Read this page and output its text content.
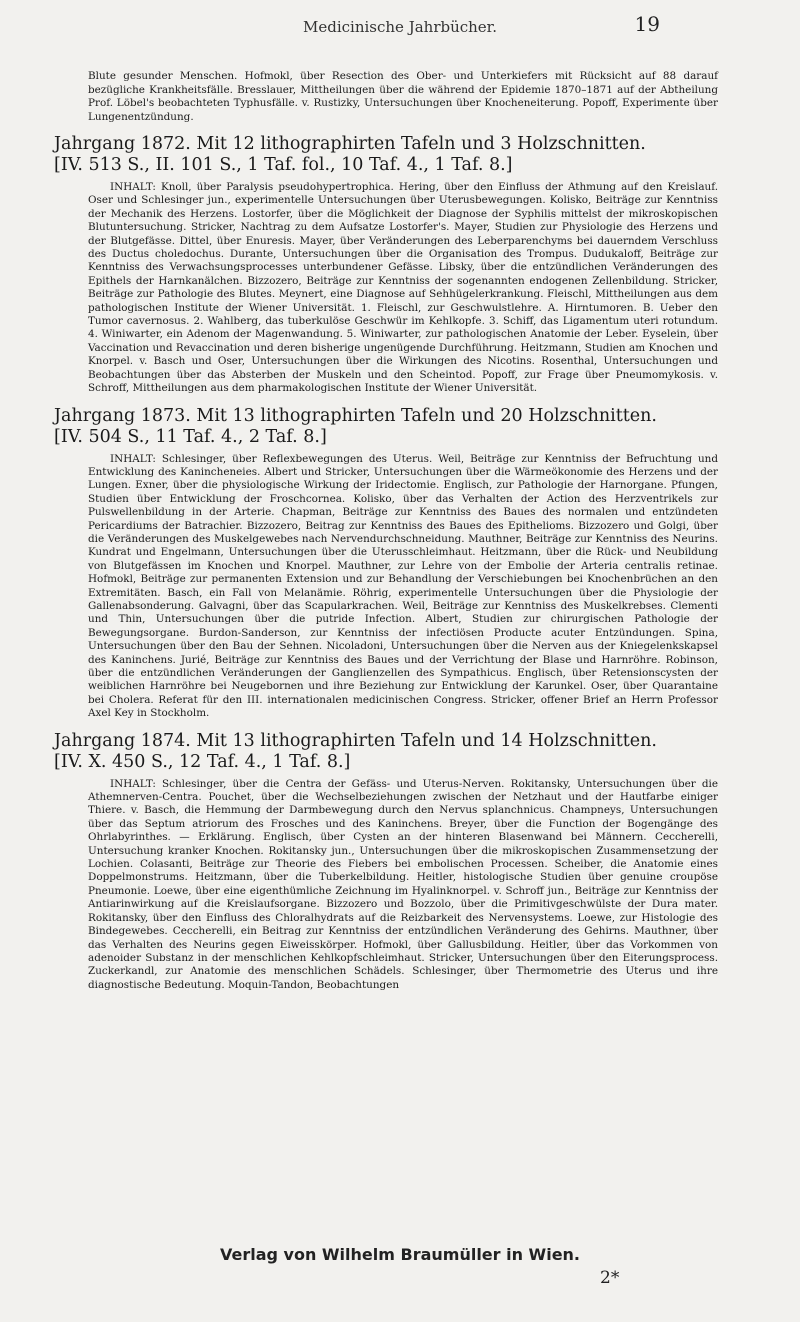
Medicinische Jahrbücher.	19

Blute gesunder Menschen. Hofmokl, über Resection des Ober- und Unterkiefers mit Rücksicht auf 88 darauf bezügliche Krankheitsfälle. Bresslauer, Mittheilungen über die während der Epidemie 1870–1871 auf der Abtheilung Prof. Löbel's beobachteten Typhusfälle. v. Rustizky, Untersuchungen über Knocheneiterung. Popoff, Experimente über Lungenentzündung.

Jahrgang 1872. Mit 12 lithographirten Tafeln und 3 Holzschnitten.
[IV. 513 S., II. 101 S., 1 Taf. fol., 10 Taf. 4., 1 Taf. 8.]

INHALT: Knoll, über Paralysis pseudohypertrophica. Hering, über den Einfluss der Athmung auf den Kreislauf. Oser und Schlesinger jun., experimentelle Untersuchungen über Uterusbewegungen. Kolisko, Beiträge zur Kenntniss der Mechanik des Herzens. Lostorfer, über die Möglichkeit der Diagnose der Syphilis mittelst der mikroskopischen Blutuntersuchung. Stricker, Nachtrag zu dem Aufsatze Lostorfer's. Mayer, Studien zur Physiologie des Herzens und der Blutgefässe. Dittel, über Enuresis. Mayer, über Veränderungen des Leberparenchyms bei dauerndem Verschluss des Ductus choledochus. Durante, Untersuchungen über die Organisation des Trompus. Dudukaloff, Beiträge zur Kenntniss des Verwachsungsprocesses unterbundener Gefässe. Libsky, über die entzündlichen Veränderungen des Epithels der Harnkanälchen. Bizzozero, Beiträge zur Kenntniss der sogenannten endogenen Zellenbildung. Stricker, Beiträge zur Pathologie des Blutes. Meynert, eine Diagnose auf Sehhügelerkrankung. Fleischl, Mittheilungen aus dem pathologischen Institute der Wiener Universität. 1. Fleischl, zur Geschwulstlehre. A. Hirntumoren. B. Ueber den Tumor cavernosus. 2. Wahlberg, das tuberkulöse Geschwür im Kehlkopfe. 3. Schiff, das Ligamentum uteri rotundum. 4. Winiwarter, ein Adenom der Magenwandung. 5. Winiwarter, zur pathologischen Anatomie der Leber. Eyselein, über Vaccination und Revaccination und deren bisherige ungenügende Durchführung. Heitzmann, Studien am Knochen und Knorpel. v. Basch und Oser, Untersuchungen über die Wirkungen des Nicotins. Rosenthal, Untersuchungen und Beobachtungen über das Absterben der Muskeln und den Scheintod. Popoff, zur Frage über Pneumomykosis. v. Schroff, Mittheilungen aus dem pharmakologischen Institute der Wiener Universität.

Jahrgang 1873. Mit 13 lithographirten Tafeln und 20 Holzschnitten.
[IV. 504 S., 11 Taf. 4., 2 Taf. 8.]

INHALT: Schlesinger, über Reflexbewegungen des Uterus. Weil, Beiträge zur Kenntniss der Befruchtung und Entwicklung des Kanincheneies. Albert und Stricker, Untersuchungen über die Wärmeökonomie des Herzens und der Lungen. Exner, über die physiologische Wirkung der Iridectomie. Englisch, zur Pathologie der Harnorgane. Pfungen, Studien über Entwicklung der Froschcornea. Kolisko, über das Verhalten der Action des Herzventrikels zur Pulswellenbildung in der Arterie. Chapman, Beiträge zur Kenntniss des Baues des normalen und entzündeten Pericardiums der Batrachier. Bizzozero, Beitrag zur Kenntniss des Baues des Epithelioms. Bizzozero und Golgi, über die Veränderungen des Muskelgewebes nach Nervendurchschneidung. Mauthner, Beiträge zur Kenntniss des Neurins. Kundrat und Engelmann, Untersuchungen über die Uterusschleimhaut. Heitzmann, über die Rück- und Neubildung von Blutgefässen im Knochen und Knorpel. Mauthner, zur Lehre von der Embolie der Arteria centralis retinae. Hofmokl, Beiträge zur permanenten Extension und zur Behandlung der Verschiebungen bei Knochenbrüchen an den Extremitäten. Basch, ein Fall von Melanämie. Röhrig, experimentelle Untersuchungen über die Physiologie der Gallenabsonderung. Galvagni, über das Scapularkrachen. Weil, Beiträge zur Kenntniss des Muskelkrebses. Clementi und Thin, Untersuchungen über die putride Infection. Albert, Studien zur chirurgischen Pathologie der Bewegungsorgane. Burdon-Sanderson, zur Kenntniss der infectiösen Producte acuter Entzündungen. Spina, Untersuchungen über den Bau der Sehnen. Nicoladoni, Untersuchungen über die Nerven aus der Kniegelenkskapsel des Kaninchens. Jurié, Beiträge zur Kenntniss des Baues und der Verrichtung der Blase und Harnröhre. Robinson, über die entzündlichen Veränderungen der Ganglienzellen des Sympathicus. Englisch, über Retensionscysten der weiblichen Harnröhre bei Neugebornen und ihre Beziehung zur Entwicklung der Karunkel. Oser, über Quarantaine bei Cholera. Referat für den III. internationalen medicinischen Congress. Stricker, offener Brief an Herrn Professor Axel Key in Stockholm.

Jahrgang 1874. Mit 13 lithographirten Tafeln und 14 Holzschnitten.
[IV. X. 450 S., 12 Taf. 4., 1 Taf. 8.]

INHALT: Schlesinger, über die Centra der Gefäss- und Uterus-Nerven. Rokitansky, Untersuchungen über die Athemnerven-Centra. Pouchet, über die Wechselbeziehungen zwischen der Netzhaut und der Hautfarbe einiger Thiere. v. Basch, die Hemmung der Darmbewegung durch den Nervus splanchnicus. Champneys, Untersuchungen über das Septum atriorum des Frosches und des Kaninchens. Breyer, über die Function der Bogengänge des Ohrlabyrinthes. — Erklärung. Englisch, über Cysten an der hinteren Blasenwand bei Männern. Ceccherelli, Untersuchung kranker Knochen. Rokitansky jun., Untersuchungen über die mikroskopischen Zusammensetzung der Lochien. Colasanti, Beiträge zur Theorie des Fiebers bei embolischen Processen. Scheiber, die Anatomie eines Doppelmonstrums. Heitzmann, über die Tuberkelbildung. Heitler, histologische Studien über genuine croupöse Pneumonie. Loewe, über eine eigenthümliche Zeichnung im Hyalinknorpel. v. Schroff jun., Beiträge zur Kenntniss der Antiarinwirkung auf die Kreislaufsorgane. Bizzozero und Bozzolo, über die Primitivgeschwülste der Dura mater. Rokitansky, über den Einfluss des Chloralhydrats auf die Reizbarkeit des Nervensystems. Loewe, zur Histologie des Bindegewebes. Ceccherelli, ein Beitrag zur Kenntniss der entzündlichen Veränderung des Gehirns. Mauthner, über das Verhalten des Neurins gegen Eiweisskörper. Hofmokl, über Gallusbildung. Heitler, über das Vorkommen von adenoider Substanz in der menschlichen Kehlkopfschleimhaut. Stricker, Untersuchungen über den Eiterungsprocess. Zuckerkandl, zur Anatomie des menschlichen Schädels. Schlesinger, über Thermometrie des Uterus und ihre diagnostische Bedeutung. Moquin-Tandon, Beobachtungen

Verlag von Wilhelm Braumüller in Wien.
2*
